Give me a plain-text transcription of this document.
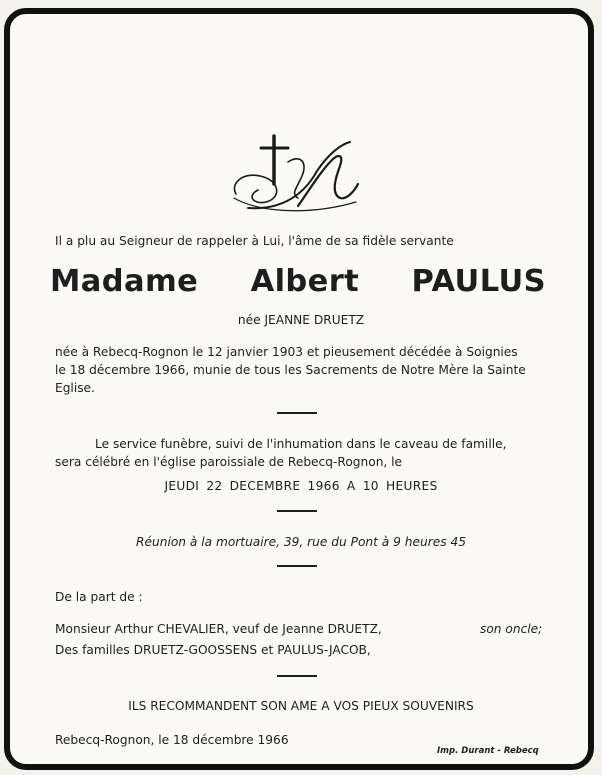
Il a plu au Seigneur de rappeler à Lui, l'âme de sa fidèle servante
Madame Albert PAULUS
née JEANNE DRUETZ
née à Rebecq-Rognon le 12 janvier 1903 et pieusement décédée à Soignies
le 18 décembre 1966, munie de tous les Sacrements de Notre Mère la Sainte
Eglise.
Le service funèbre, suivi de l'inhumation dans le caveau de famille,
sera célébré en l'église paroissiale de Rebecq-Rognon, le
JEUDI 22 DECEMBRE 1966 A 10 HEURES
Réunion à la mortuaire, 39, rue du Pont à 9 heures 45
De la part de :
Monsieur Arthur CHEVALIER, veuf de Jeanne DRUETZ,	son oncle;
Des familles DRUETZ-GOOSSENS et PAULUS-JACOB,
ILS RECOMMANDENT SON AME A VOS PIEUX SOUVENIRS
Rebecq-Rognon, le 18 décembre 1966
Imp. Durant - Rebecq
